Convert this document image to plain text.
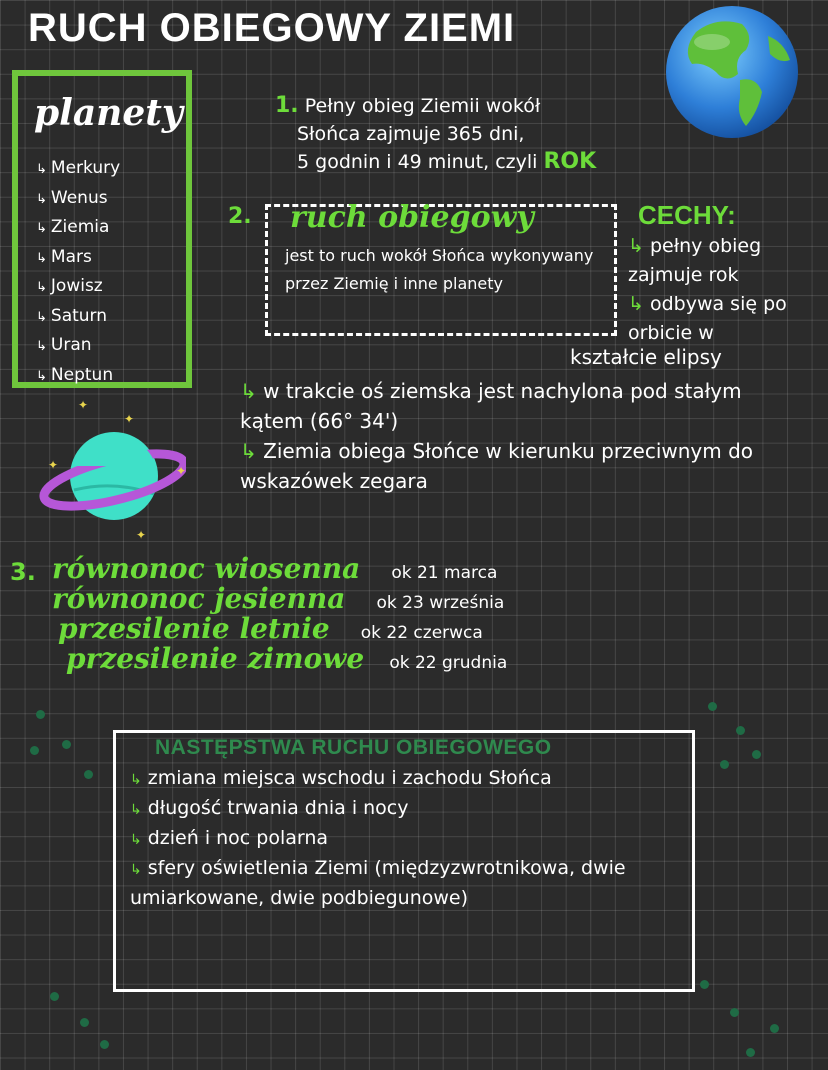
RUCH OBIEGOWY ZIEMI
planety
↳ Merkury
↳ Wenus
↳ Ziemia
↳ Mars
↳ Jowisz
↳ Saturn
↳ Uran
↳ Neptun
✦
✦	✦
✦
✦
1. Pełny obieg Ziemii wokół
Słońca zajmuje 365 dni,
5 godnin i 49 minut, czyli ROK
2. ruch obiegowy
jest to ruch wokół Słońca wykonywany przez Ziemię i inne planety
CECHY:
↳ pełny obieg zajmuje rok
↳ odbywa się po orbicie w
kształcie elipsy
↳ w trakcie oś ziemska jest nachylona pod stałym kątem (66° 34')
↳ Ziemia obiega Słońce w kierunku przeciwnym do wskazówek zegara
3. równonoc wiosenna ok 21 marca
równonoc jesienna ok 23 września
przesilenie letnie ok 22 czerwca
przesilenie zimowe ok 22 grudnia
NASTĘPSTWA RUCHU OBIEGOWEGO
↳ zmiana miejsca wschodu i zachodu Słońca
↳ długość trwania dnia i nocy
↳ dzień i noc polarna
↳ sfery oświetlenia Ziemi (międzyzwrotnikowa, dwie umiarkowane, dwie podbiegunowe)
